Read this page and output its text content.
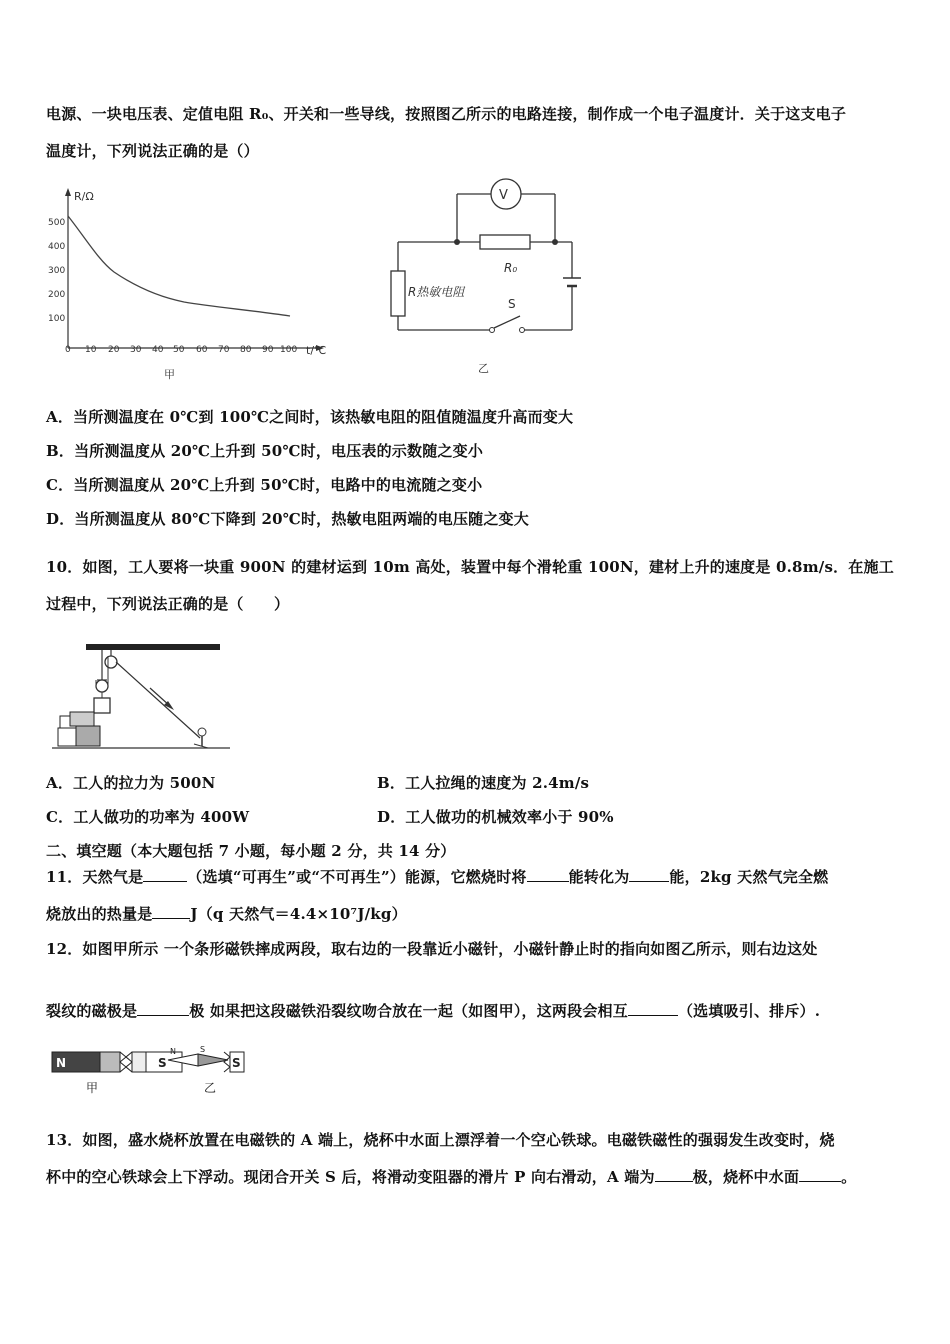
电源、一块电压表、定值电阻 R₀、开关和一些导线，按照图乙所示的电路连接，制作成一个电子温度计．关于这支电子
温度计，下列说法正确的是（）
R/Ω
t/℃
500
400
300
200
100
0 10 20 30 40 50 60 70 80 90 100
甲
V
R₀
R热敏电阻
S
乙
A．当所测温度在 0℃到 100℃之间时，该热敏电阻的阻值随温度升高而变大
B．当所测温度从 20℃上升到 50℃时，电压表的示数随之变小
C．当所测温度从 20℃上升到 50℃时，电路中的电流随之变小
D．当所测温度从 80℃下降到 20℃时，热敏电阻两端的电压随之变大
10．如图，工人要将一块重 900N 的建材运到 10m 高处，装置中每个滑轮重 100N，建材上升的速度是 0.8m/s．在施工
过程中，下列说法正确的是（　　）
A．工人的拉力为 500N	B．工人拉绳的速度为 2.4m/s
C．工人做功的功率为 400W	D．工人做功的机械效率小于 90%
二、填空题（本大题包括 7 小题，每小题 2 分，共 14 分）
11．天然气是	（选填“可再生”或“不可再生”）能源，它燃烧时将	能转化为	能，2kg 天然气完全燃
烧放出的热量是	J（q 天然气＝4.4×10⁷J/kg）
12．如图甲所示 一个条形磁铁摔成两段，取右边的一段靠近小磁针，小磁针静止时的指向如图乙所示，则右边这处
裂纹的磁极是	极 如果把这段磁铁沿裂纹吻合放在一起（如图甲），这两段会相互	（选填吸引、排斥）.
N	S
甲
N	S
S
乙
13．如图，盛水烧杯放置在电磁铁的 A 端上，烧杯中水面上漂浮着一个空心铁球。电磁铁磁性的强弱发生改变时，烧
杯中的空心铁球会上下浮动。现闭合开关 S 后，将滑动变阻器的滑片 P 向右滑动，A 端为	极，烧杯中水面	。
